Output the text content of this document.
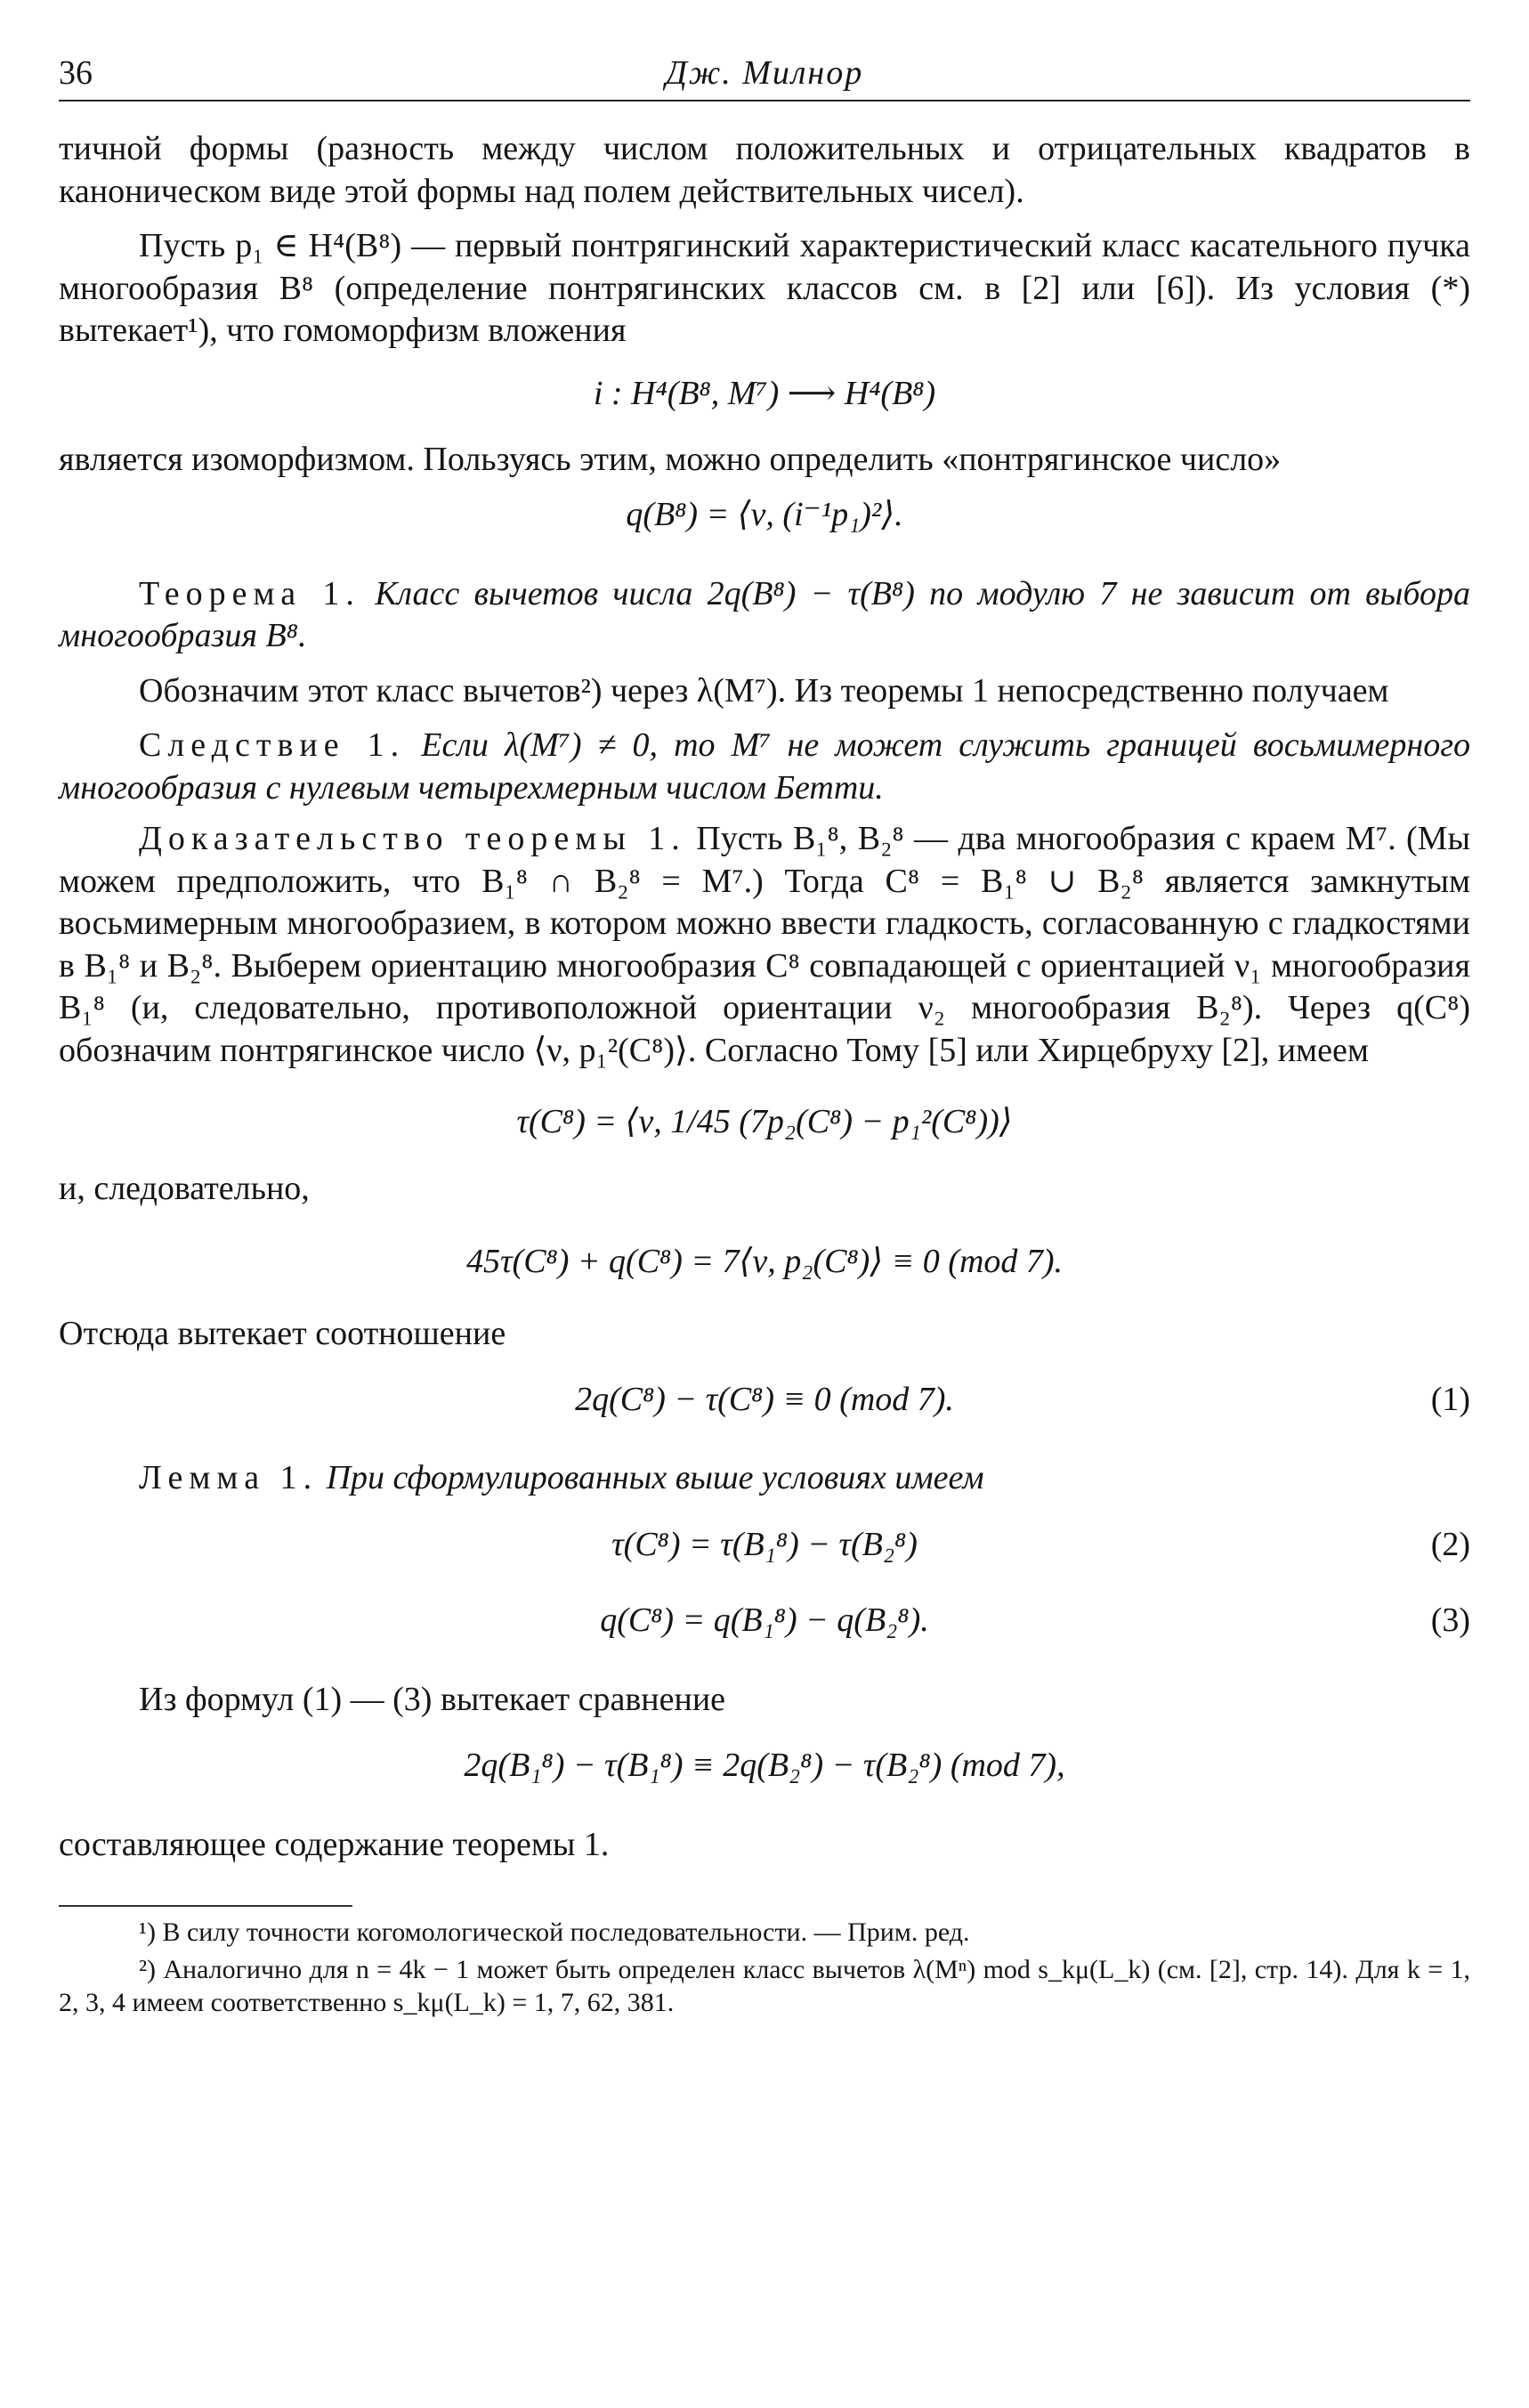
36	Дж. Милнор

тичной формы (разность между числом положительных и отрицательных квадратов в каноническом виде этой формы над полем действительных чисел).

Пусть p₁ ∈ H⁴(B⁸) — первый понтрягинский характеристический класс касательного пучка многообразия B⁸ (определение понтрягинских классов см. в [2] или [6]). Из условия (*) вытекает¹), что гомоморфизм вложения

i : H⁴(B⁸, M⁷) ⟶ H⁴(B⁸)

является изоморфизмом. Пользуясь этим, можно определить «понтрягинское число»

q(B⁸) = ⟨ν, (i⁻¹p₁)²⟩.

Теорема 1. Класс вычетов числа 2q(B⁸) − τ(B⁸) по модулю 7 не зависит от выбора многообразия B⁸.

Обозначим этот класс вычетов²) через λ(M⁷). Из теоремы 1 непосредственно получаем

Следствие 1. Если λ(M⁷) ≠ 0, то M⁷ не может служить границей восьмимерного многообразия с нулевым четырехмерным числом Бетти.

Доказательство теоремы 1. Пусть B₁⁸, B₂⁸ — два многообразия с краем M⁷. (Мы можем предположить, что B₁⁸ ∩ B₂⁸ = M⁷.) Тогда C⁸ = B₁⁸ ∪ B₂⁸ является замкнутым восьмимерным многообразием, в котором можно ввести гладкость, согласованную с гладкостями в B₁⁸ и B₂⁸. Выберем ориентацию многообразия C⁸ совпадающей с ориентацией ν₁ многообразия B₁⁸ (и, следовательно, противоположной ориентации ν₂ многообразия B₂⁸). Через q(C⁸) обозначим понтрягинское число ⟨ν, p₁²(C⁸)⟩. Согласно Тому [5] или Хирцебруху [2], имеем

τ(C⁸) = ⟨ν, 1/45 (7p₂(C⁸) − p₁²(C⁸))⟩

и, следовательно,

45τ(C⁸) + q(C⁸) = 7⟨ν, p₂(C⁸)⟩ ≡ 0 (mod 7).

Отсюда вытекает соотношение

2q(C⁸) − τ(C⁸) ≡ 0 (mod 7).	(1)

Лемма 1. При сформулированных выше условиях имеем

τ(C⁸) = τ(B₁⁸) − τ(B₂⁸)	(2)
q(C⁸) = q(B₁⁸) − q(B₂⁸).	(3)

Из формул (1) — (3) вытекает сравнение

2q(B₁⁸) − τ(B₁⁸) ≡ 2q(B₂⁸) − τ(B₂⁸) (mod 7),

составляющее содержание теоремы 1.

¹) В силу точности когомологической последовательности. — Прим. ред.

²) Аналогично для n = 4k − 1 может быть определен класс вычетов λ(Mⁿ) mod s_kμ(L_k) (см. [2], стр. 14). Для k = 1, 2, 3, 4 имеем соответственно s_kμ(L_k) = 1, 7, 62, 381.
